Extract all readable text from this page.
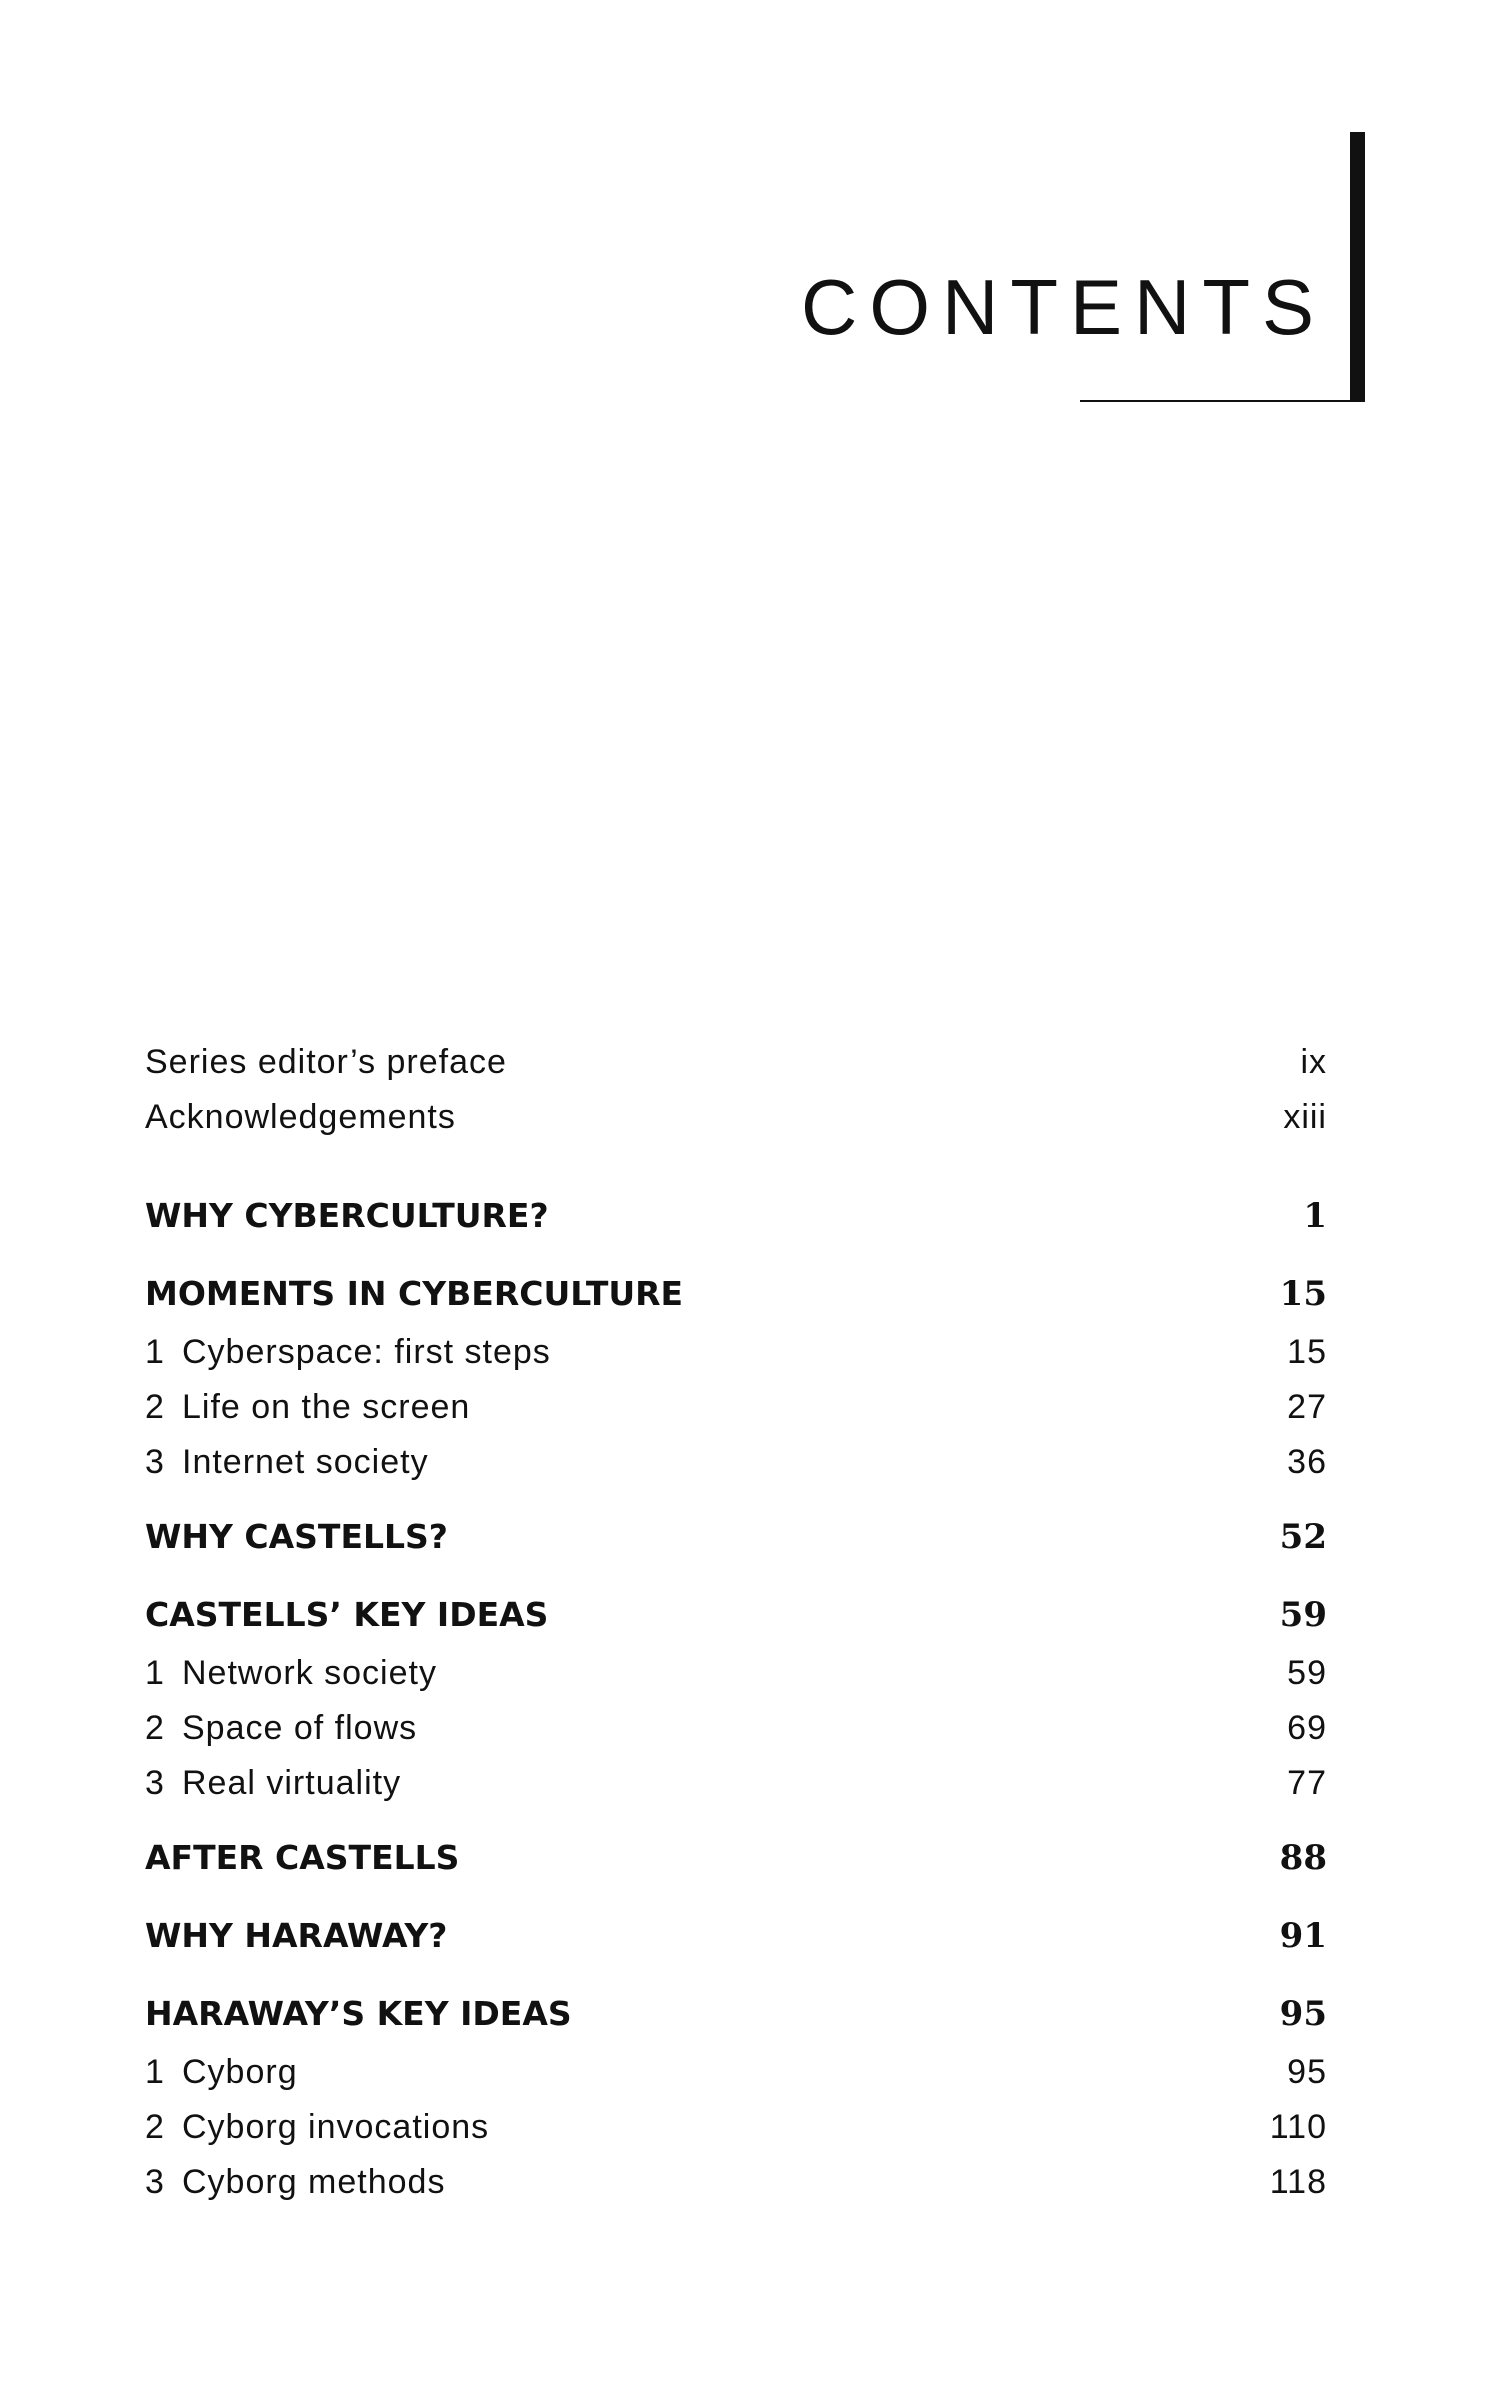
CONTENTS
Series editor’s preface	ix
Acknowledgements	xiii
WHY CYBERCULTURE?	1
MOMENTS IN CYBERCULTURE	15
1 Cyberspace: first steps	15
2 Life on the screen	27
3 Internet society	36
WHY CASTELLS?	52
CASTELLS’ KEY IDEAS	59
1 Network society	59
2 Space of flows	69
3 Real virtuality	77
AFTER CASTELLS	88
WHY HARAWAY?	91
HARAWAY’S KEY IDEAS	95
1 Cyborg	95
2 Cyborg invocations	110
3 Cyborg methods	118
